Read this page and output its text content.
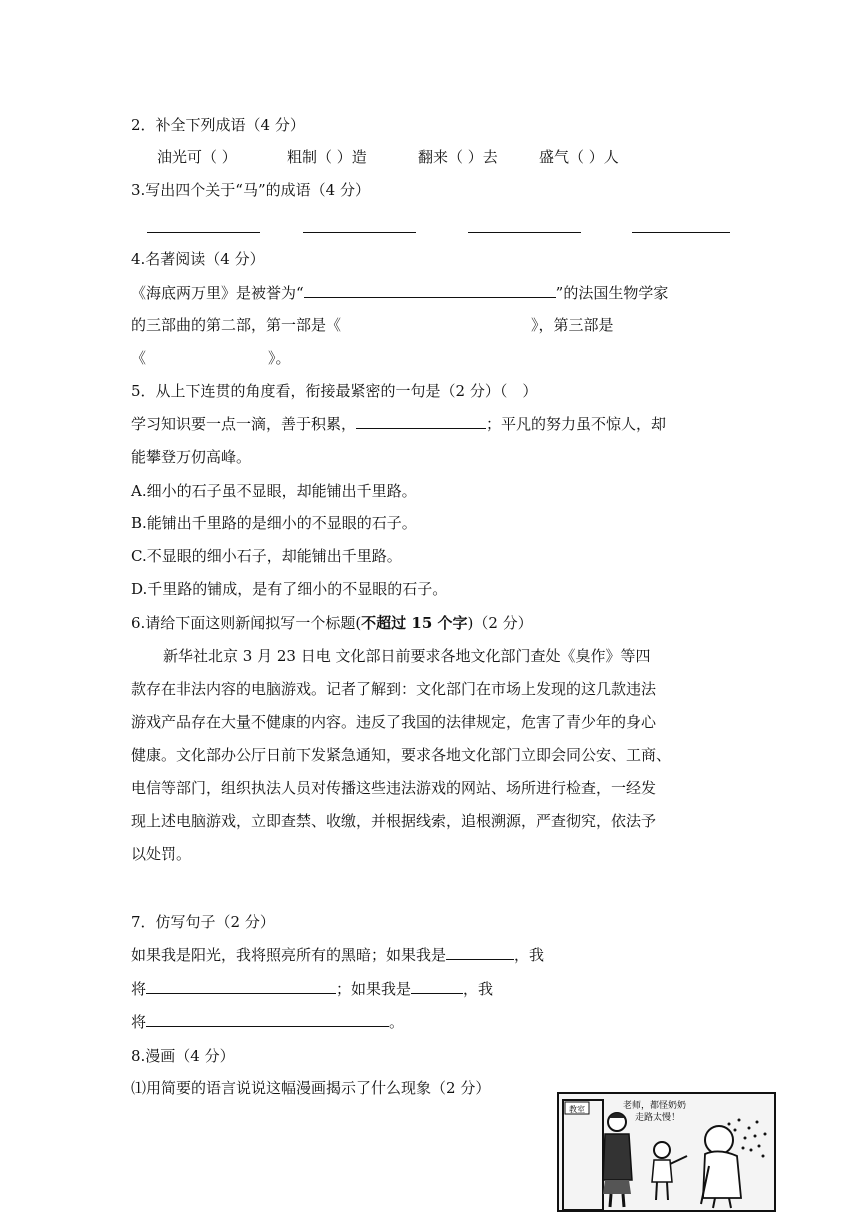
2．补全下列成语（4 分）
油光可（ ）	粗制（ ）造	翻来（ ）去	盛气（ ）人
3.写出四个关于“马”的成语（4 分）
4.名著阅读（4 分）
《海底两万里》是被誉为“	”的法国生物学家
的三部曲的第二部，第一部是《	》，第三部是
《	》。
5．从上下连贯的角度看，衔接最紧密的一句是（2 分）（　）
学习知识要一点一滴，善于积累，	；平凡的努力虽不惊人，却
能攀登万仞高峰。
A.细小的石子虽不显眼，却能铺出千里路。
B.能铺出千里路的是细小的不显眼的石子。
C.不显眼的细小石子，却能铺出千里路。
D.千里路的铺成，是有了细小的不显眼的石子。
6.请给下面这则新闻拟写一个标题(不超过 15 个字)（2 分）
新华社北京 3 月 23 日电 文化部日前要求各地文化部门查处《臭作》等四
款存在非法内容的电脑游戏。记者了解到：文化部门在市场上发现的这几款违法
游戏产品存在大量不健康的内容。违反了我国的法律规定，危害了青少年的身心
健康。文化部办公厅日前下发紧急通知，要求各地文化部门立即会同公安、工商、
电信等部门，组织执法人员对传播这些违法游戏的网站、场所进行检查，一经发
现上述电脑游戏，立即查禁、收缴，并根据线索，追根溯源，严查彻究，依法予
以处罚。
7．仿写句子（2 分）
如果我是阳光，我将照亮所有的黑暗；如果我是	，我
将	；如果我是	，我
将	。
8.漫画（4 分）
⑴用简要的语言说说这幅漫画揭示了什么现象（2 分）
教室	老师，都怪奶奶
走路太慢！
